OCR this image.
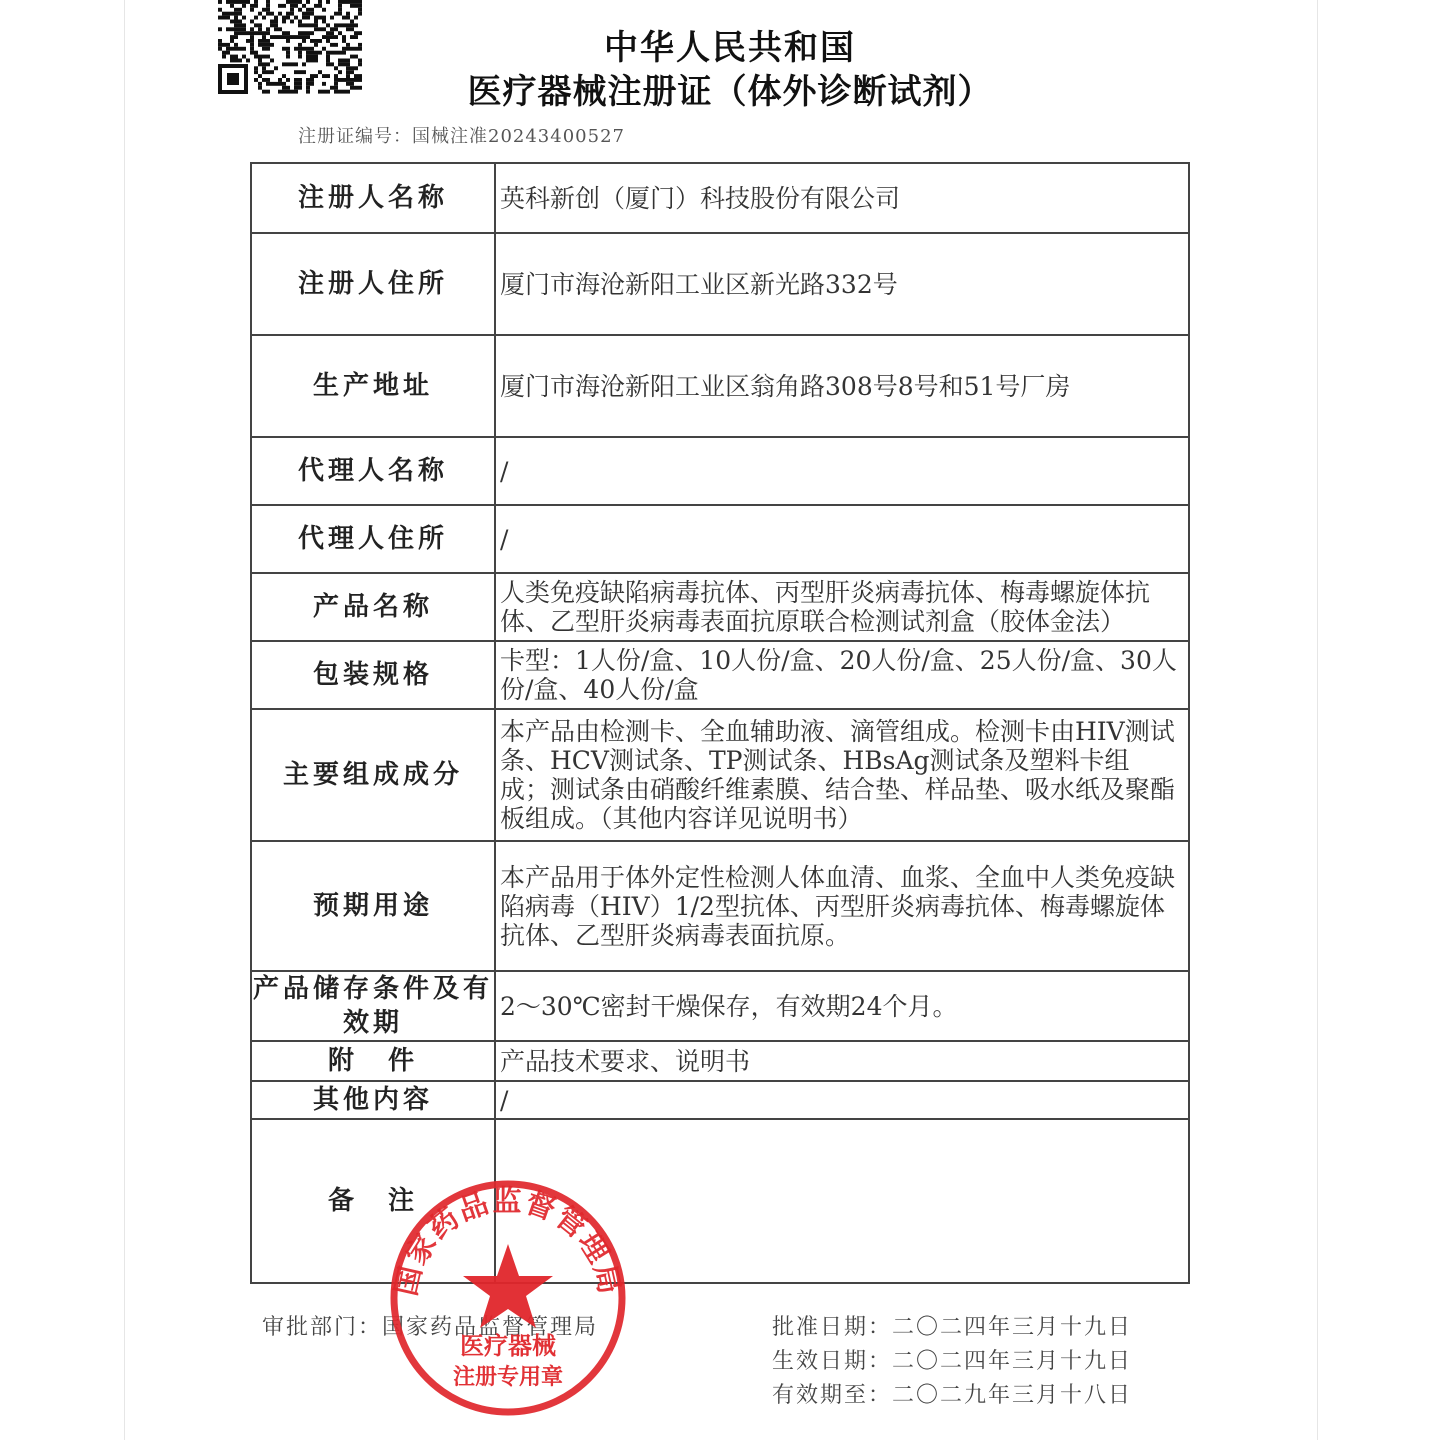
中华人民共和国
医疗器械注册证（体外诊断试剂）
注册证编号：国械注准20243400527
注册人名称	英科新创（厦门）科技股份有限公司
注册人住所	厦门市海沧新阳工业区新光路332号
生产地址	厦门市海沧新阳工业区翁角路308号8号和51号厂房
代理人名称	/
代理人住所	/
产品名称	人类免疫缺陷病毒抗体、丙型肝炎病毒抗体、梅毒螺旋体抗体、乙型肝炎病毒表面抗原联合检测试剂盒（胶体金法）
包装规格	卡型：1人份/盒、10人份/盒、20人份/盒、25人份/盒、30人份/盒、40人份/盒
主要组成成分	本产品由检测卡、全血辅助液、滴管组成。检测卡由HIV测试条、HCV测试条、TP测试条、HBsAg测试条及塑料卡组成；测试条由硝酸纤维素膜、结合垫、样品垫、吸水纸及聚酯板组成。（其他内容详见说明书）
预期用途	本产品用于体外定性检测人体血清、血浆、全血中人类免疫缺陷病毒（HIV）1/2型抗体、丙型肝炎病毒抗体、梅毒螺旋体抗体、乙型肝炎病毒表面抗原。
产品储存条件及有效期	2～30℃密封干燥保存，有效期24个月。
附　件	产品技术要求、说明书
其他内容	/
备　注	
审批部门：国家药品监督管理局	批准日期：二〇二四年三月十九日
生效日期：二〇二四年三月十九日
有效期至：二〇二九年三月十八日
国家药品监督管理局
医疗器械
注册专用章
